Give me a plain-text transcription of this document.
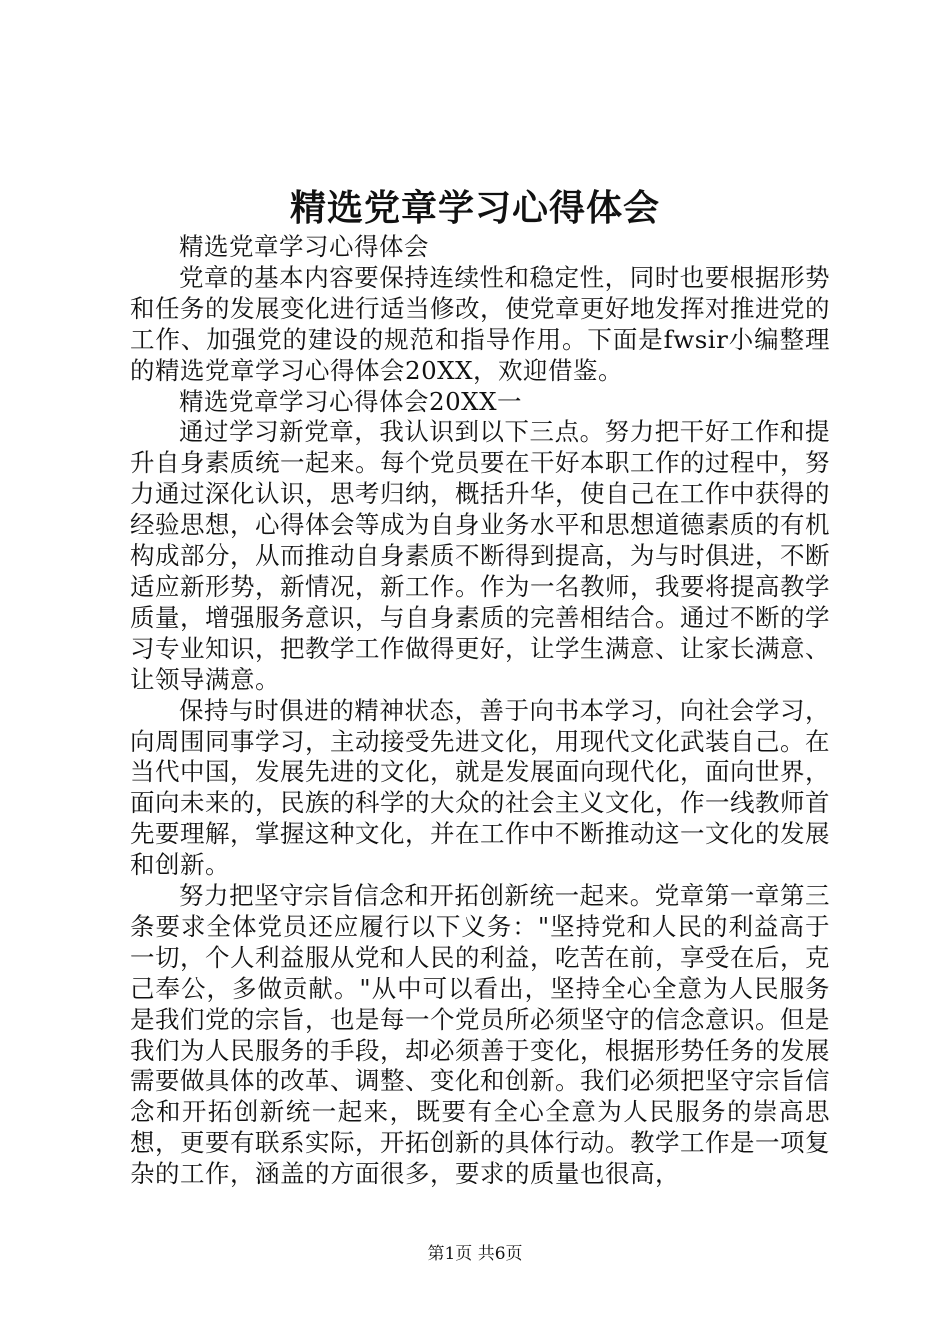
精选党章学习心得体会

精选党章学习心得体会

党章的基本内容要保持连续性和稳定性，同时也要根据形势和任务的发展变化进行适当修改，使党章更好地发挥对推进党的工作、加强党的建设的规范和指导作用。下面是fwsir小编整理的精选党章学习心得体会20XX，欢迎借鉴。

精选党章学习心得体会20XX一

通过学习新党章，我认识到以下三点。努力把干好工作和提升自身素质统一起来。每个党员要在干好本职工作的过程中，努力通过深化认识，思考归纳，概括升华，使自己在工作中获得的经验思想，心得体会等成为自身业务水平和思想道德素质的有机构成部分，从而推动自身素质不断得到提高，为与时俱进，不断适应新形势，新情况，新工作。作为一名教师，我要将提高教学质量，增强服务意识，与自身素质的完善相结合。通过不断的学习专业知识，把教学工作做得更好，让学生满意、让家长满意、让领导满意。

保持与时俱进的精神状态，善于向书本学习，向社会学习，向周围同事学习，主动接受先进文化，用现代文化武装自己。在当代中国，发展先进的文化，就是发展面向现代化，面向世界，面向未来的，民族的科学的大众的社会主义文化，作一线教师首先要理解，掌握这种文化，并在工作中不断推动这一文化的发展和创新。

努力把坚守宗旨信念和开拓创新统一起来。党章第一章第三条要求全体党员还应履行以下义务："坚持党和人民的利益高于一切，个人利益服从党和人民的利益，吃苦在前，享受在后，克己奉公，多做贡献。"从中可以看出，坚持全心全意为人民服务是我们党的宗旨，也是每一个党员所必须坚守的信念意识。但是我们为人民服务的手段，却必须善于变化，根据形势任务的发展需要做具体的改革、调整、变化和创新。我们必须把坚守宗旨信念和开拓创新统一起来，既要有全心全意为人民服务的崇高思想，更要有联系实际，开拓创新的具体行动。教学工作是一项复杂的工作，涵盖的方面很多，要求的质量也很高，

第1页 共6页
